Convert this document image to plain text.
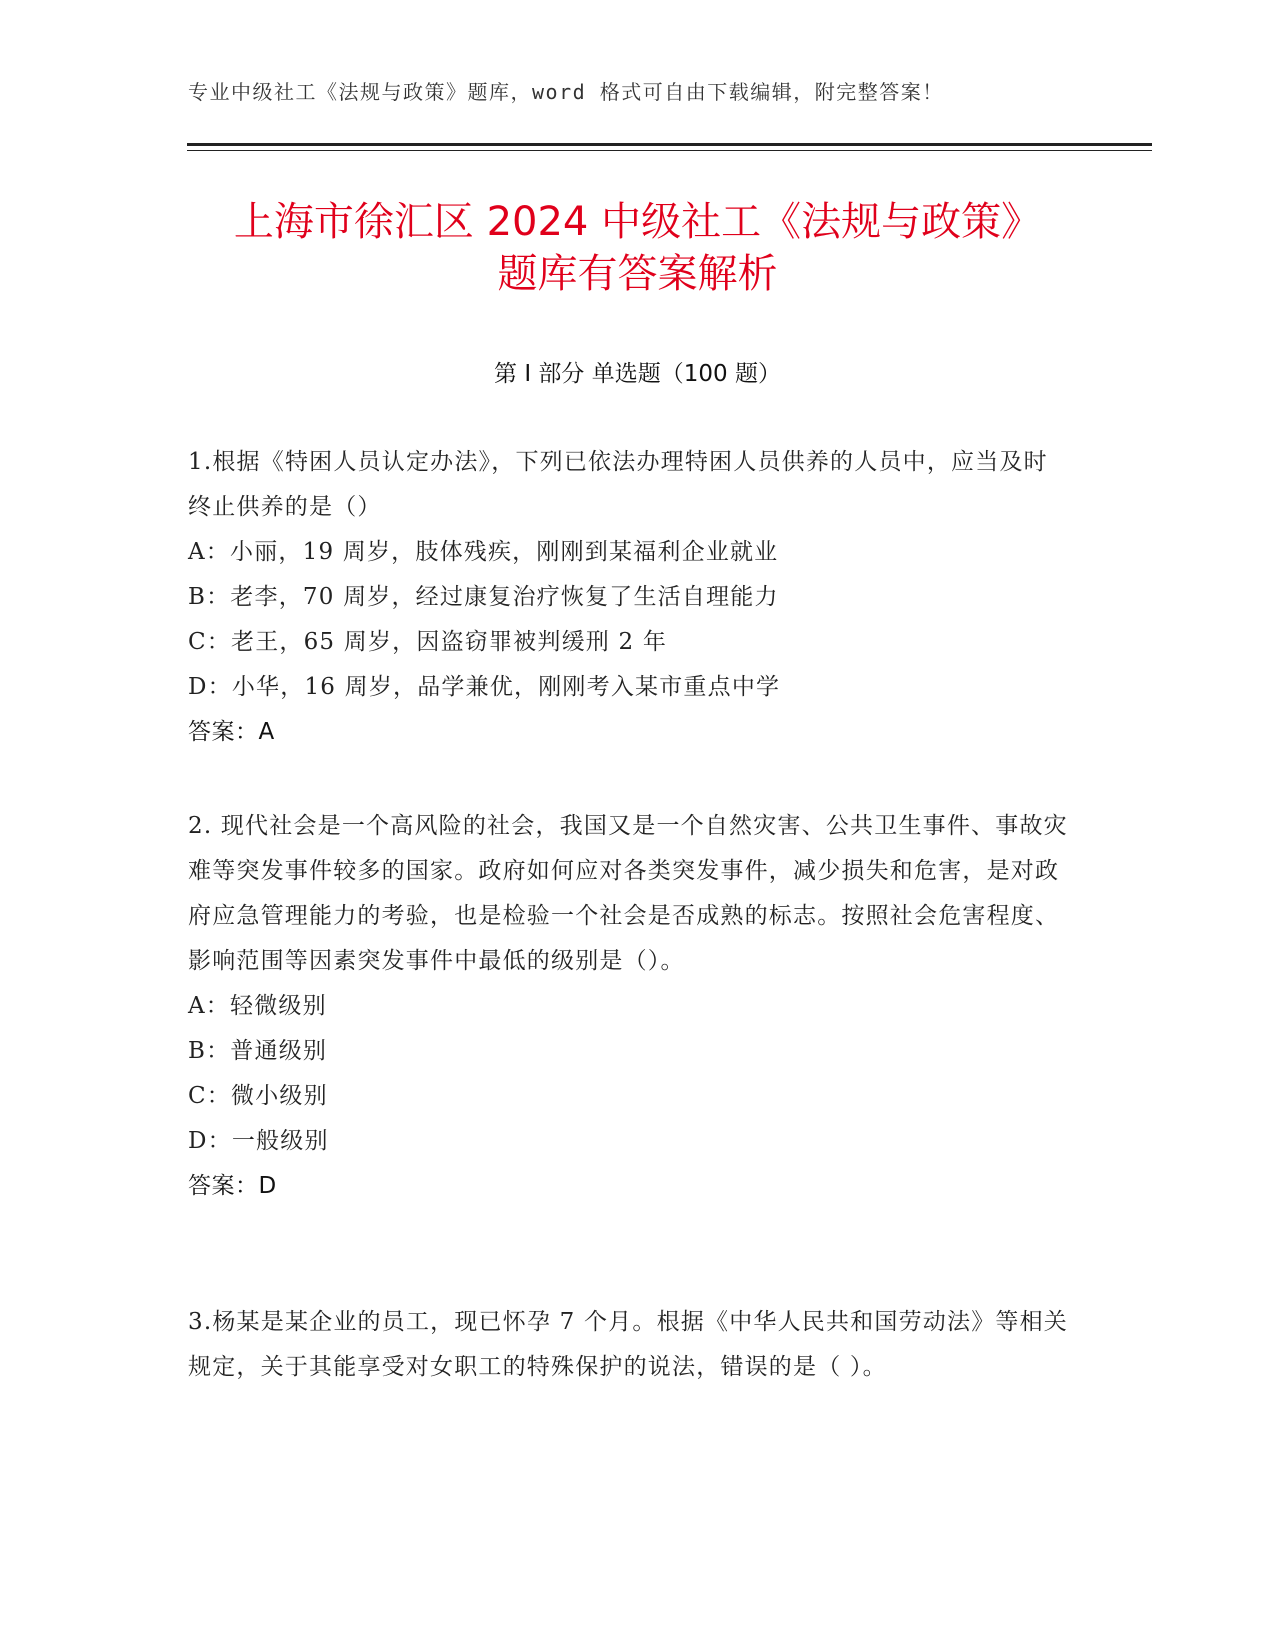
专业中级社工《法规与政策》题库，word 格式可自由下载编辑，附完整答案！
上海市徐汇区 2024 中级社工《法规与政策》
题库有答案解析
第 I 部分 单选题（100 题）

1.根据《特困人员认定办法》，下列已依法办理特困人员供养的人员中，应当及时终止供养的是（）

A：小丽，19 周岁，肢体残疾，刚刚到某福利企业就业

B：老李，70 周岁，经过康复治疗恢复了生活自理能力

C：老王，65 周岁，因盗窃罪被判缓刑 2 年

D：小华，16 周岁，品学兼优，刚刚考入某市重点中学

答案：A

2. 现代社会是一个高风险的社会，我国又是一个自然灾害、公共卫生事件、事故灾难等突发事件较多的国家。政府如何应对各类突发事件，减少损失和危害，是对政府应急管理能力的考验，也是检验一个社会是否成熟的标志。按照社会危害程度、影响范围等因素突发事件中最低的级别是（）。

A：轻微级别

B：普通级别

C：微小级别

D：一般级别

答案：D

3.杨某是某企业的员工，现已怀孕 7 个月。根据《中华人民共和国劳动法》等相关规定，关于其能享受对女职工的特殊保护的说法，错误的是（ ）。
